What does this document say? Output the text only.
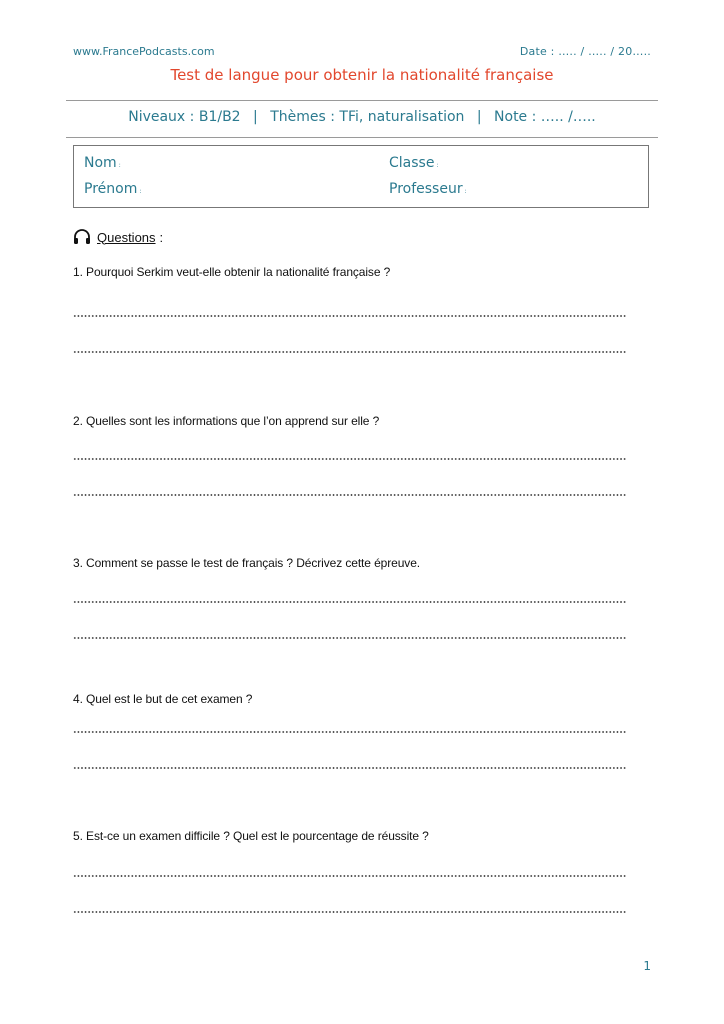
www.FrancePodcasts.com	Date : ….. / ….. / 20…..
Test de langue pour obtenir la nationalité française
Niveaux : B1/B2 | Thèmes : TFi, naturalisation | Note : ….. /…..
Nom :
Prénom :
Classe :
Professeur :
Questions :
1. Pourquoi Serkim veut-elle obtenir la nationalité française ?
2. Quelles sont les informations que l’on apprend sur elle ?
3. Comment se passe le test de français ? Décrivez cette épreuve.
4. Quel est le but de cet examen ?
5. Est-ce un examen difficile ? Quel est le pourcentage de réussite ?
1
